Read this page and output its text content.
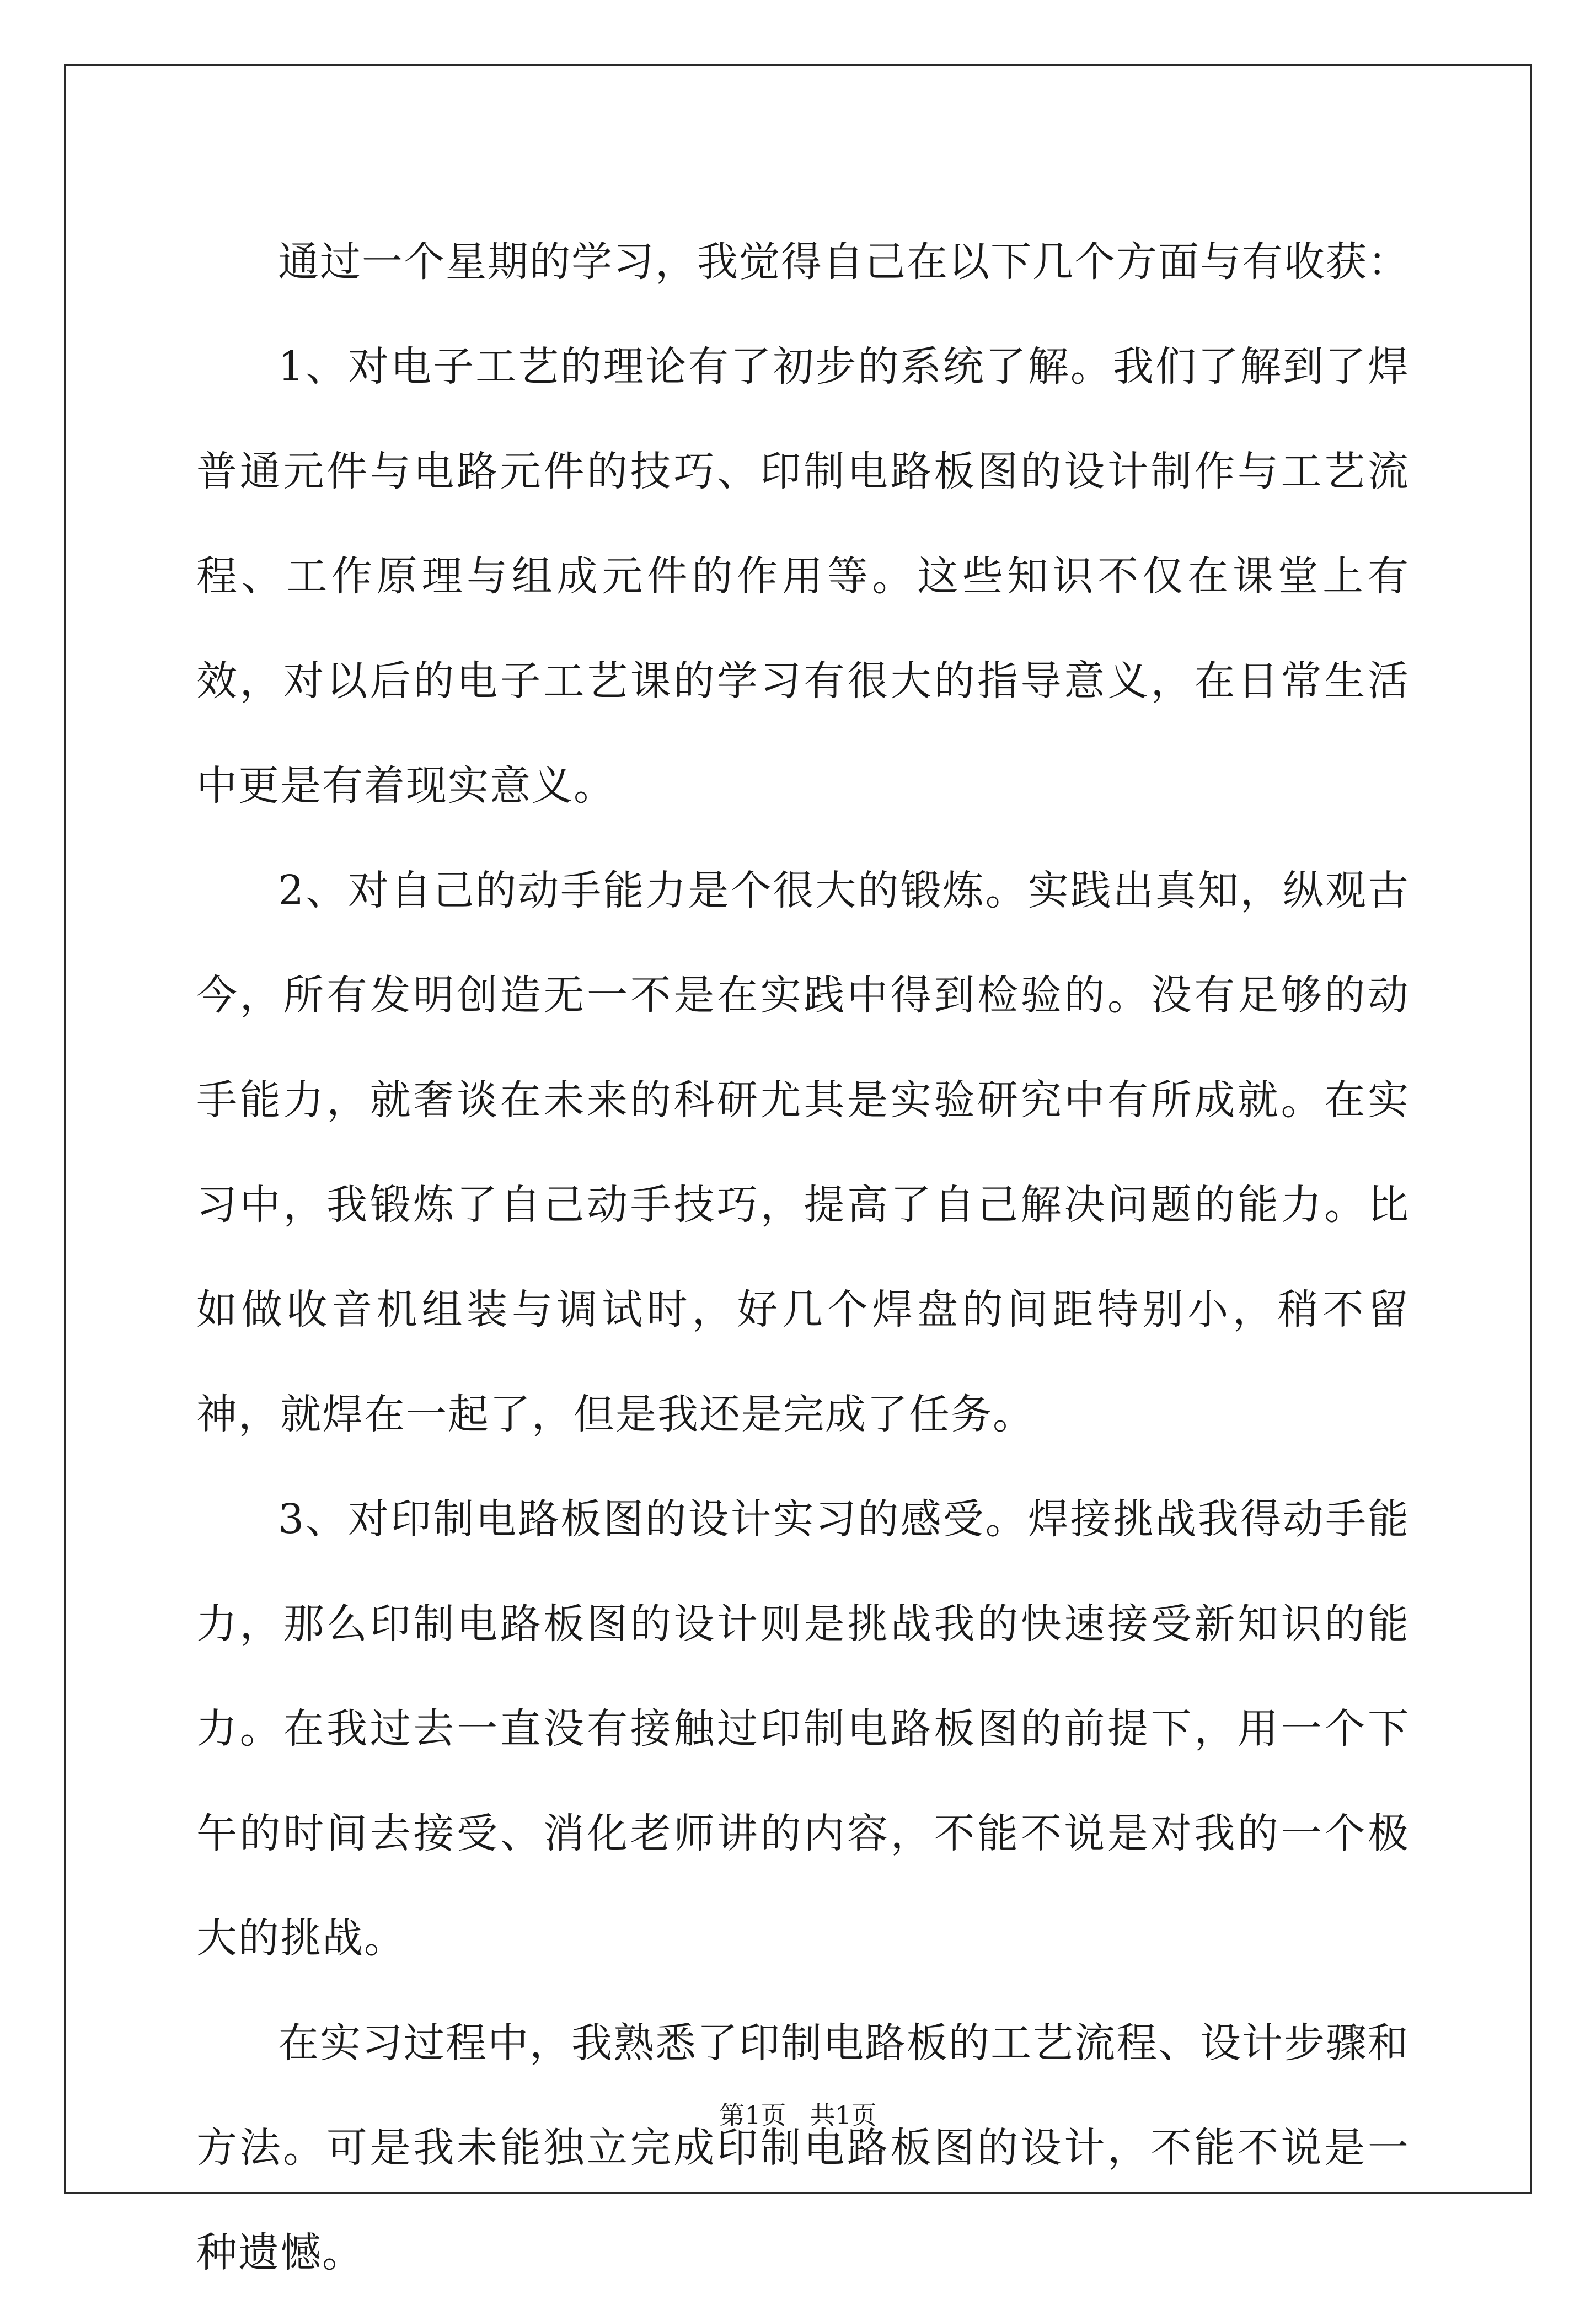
通过一个星期的学习，我觉得自己在以下几个方面与有收获：

1、对电子工艺的理论有了初步的系统了解。我们了解到了焊普通元件与电路元件的技巧、印制电路板图的设计制作与工艺流程、工作原理与组成元件的作用等。这些知识不仅在课堂上有效，对以后的电子工艺课的学习有很大的指导意义，在日常生活中更是有着现实意义。

2、对自己的动手能力是个很大的锻炼。实践出真知，纵观古今，所有发明创造无一不是在实践中得到检验的。没有足够的动手能力，就奢谈在未来的科研尤其是实验研究中有所成就。在实习中，我锻炼了自己动手技巧，提高了自己解决问题的能力。比如做收音机组装与调试时，好几个焊盘的间距特别小，稍不留神，就焊在一起了，但是我还是完成了任务。

3、对印制电路板图的设计实习的感受。焊接挑战我得动手能力，那么印制电路板图的设计则是挑战我的快速接受新知识的能力。在我过去一直没有接触过印制电路板图的前提下，用一个下午的时间去接受、消化老师讲的内容，不能不说是对我的一个极大的挑战。

在实习过程中，我熟悉了印制电路板的工艺流程、设计步骤和方法。可是我未能独立完成印制电路板图的设计，不能不说是一种遗憾。

第1页 共1页
